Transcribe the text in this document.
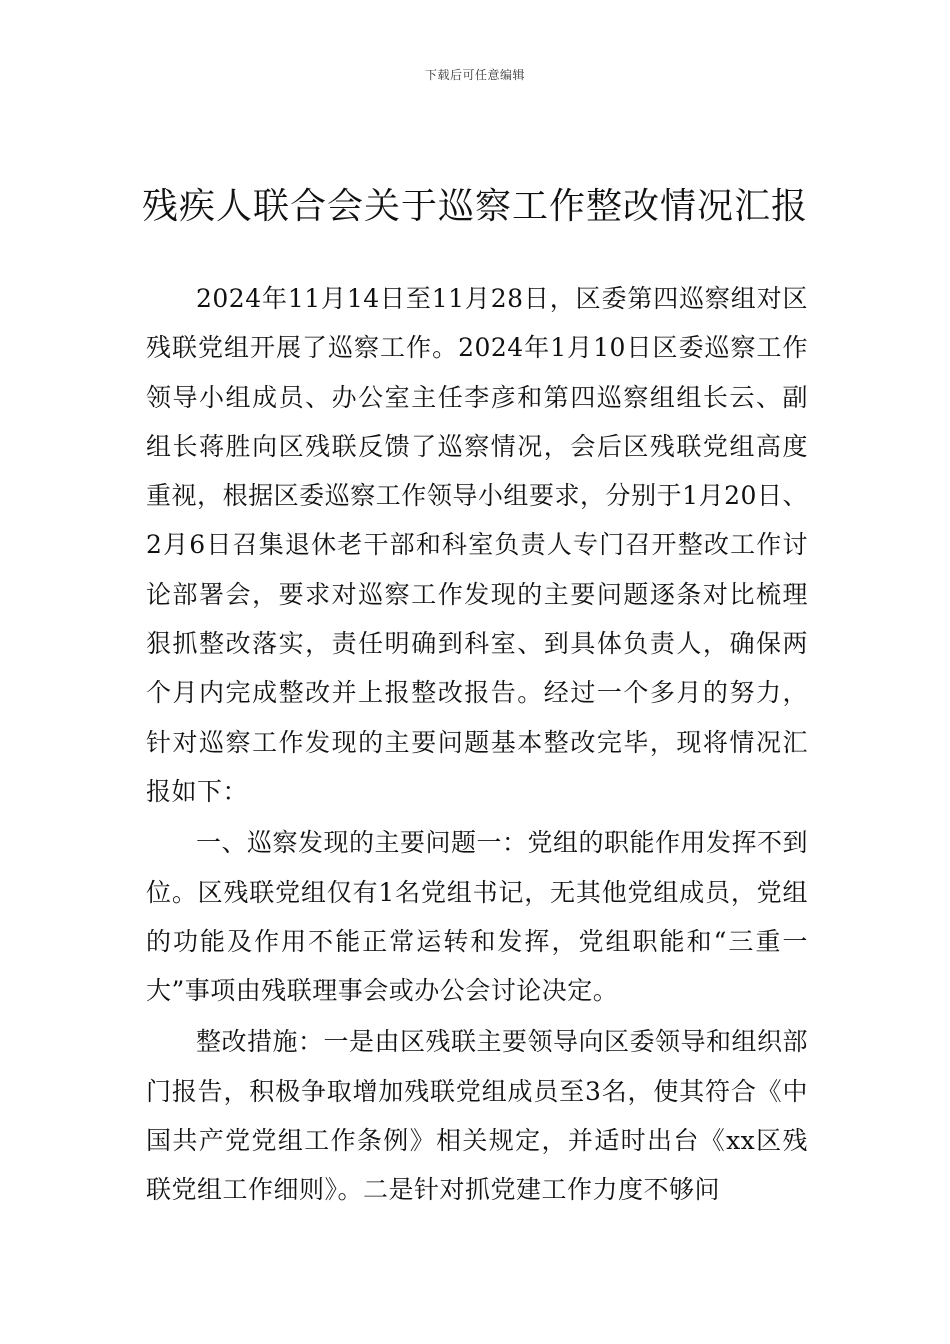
下载后可任意编辑
残疾人联合会关于巡察工作整改情况汇报

2024年11月14日至11月28日，区委第四巡察组对区残联党组开展了巡察工作。2024年1月10日区委巡察工作领导小组成员、办公室主任李彦和第四巡察组组长云、副组长蒋胜向区残联反馈了巡察情况，会后区残联党组高度重视，根据区委巡察工作领导小组要求，分别于1月20日、2月6日召集退休老干部和科室负责人专门召开整改工作讨论部署会，要求对巡察工作发现的主要问题逐条对比梳理狠抓整改落实，责任明确到科室、到具体负责人，确保两个月内完成整改并上报整改报告。经过一个多月的努力，针对巡察工作发现的主要问题基本整改完毕，现将情况汇报如下：

一、巡察发现的主要问题一：党组的职能作用发挥不到位。区残联党组仅有1名党组书记，无其他党组成员，党组的功能及作用不能正常运转和发挥，党组职能和“三重一大”事项由残联理事会或办公会讨论决定。

整改措施：一是由区残联主要领导向区委领导和组织部门报告，积极争取增加残联党组成员至3名，使其符合《中国共产党党组工作条例》相关规定，并适时出台《xx区残联党组工作细则》。二是针对抓党建工作力度不够问
